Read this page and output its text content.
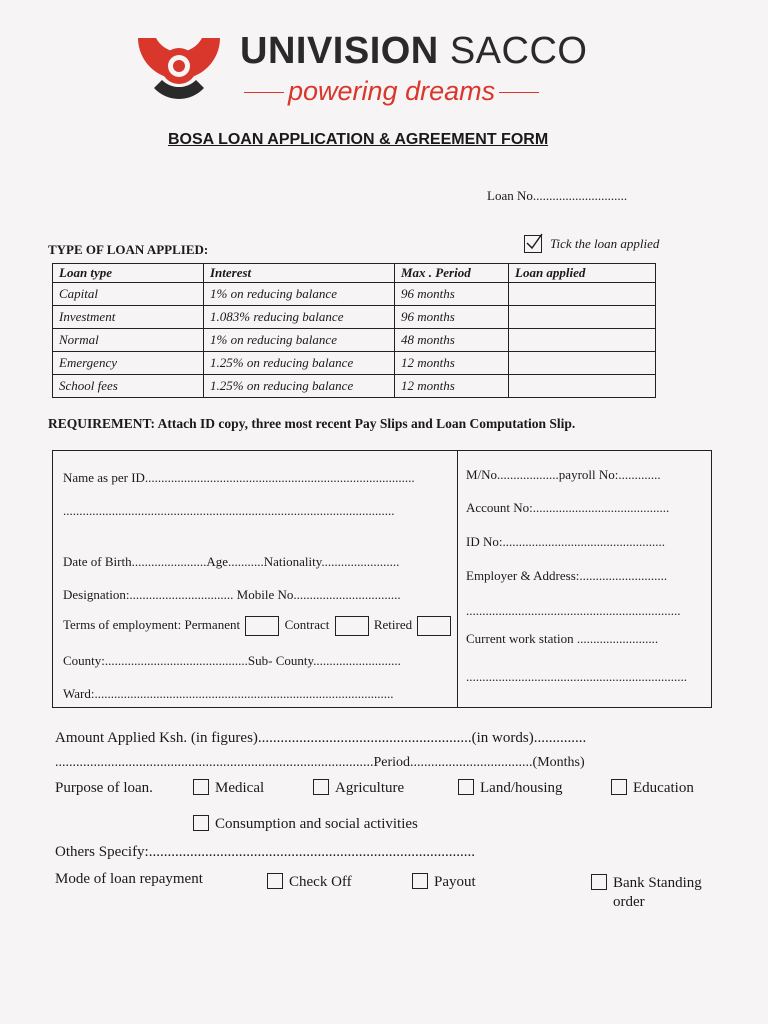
UNIVISION SACCO
powering dreams
BOSA LOAN APPLICATION & AGREEMENT FORM
Loan No.............................
TYPE OF LOAN APPLIED:	Tick the loan applied
Loan type	Interest	Max . Period	Loan applied
Capital	1% on reducing balance	96 months	
Investment	1.083% reducing balance	96 months	
Normal	1% on reducing balance	48 months	
Emergency	1.25% on reducing balance	12 months	
School fees	1.25% on reducing balance	12 months	
REQUIREMENT: Attach ID copy, three most recent Pay Slips and Loan Computation Slip.
Name as per ID...................................................................................
......................................................................................................
Date of Birth.......................Age...........Nationality........................
Designation:................................ Mobile No.................................
Terms of employment: Permanent	Contract	Retired
County:............................................Sub- County...........................
Ward:............................................................................................
M/No...................payroll No:.............
Account No:..........................................
ID No:..................................................
Employer & Address:...........................
..................................................................
Current work station .........................
....................................................................
Amount Applied Ksh. (in figures).........................................................(in words)..............
...........................................................................................Period...................................(Months)
Purpose of loan.	Medical	Agriculture	Land/housing	Education
Consumption and social activities
Others Specify:.......................................................................................
Mode of loan repayment	Check Off	Payout	Bank Standing
order
